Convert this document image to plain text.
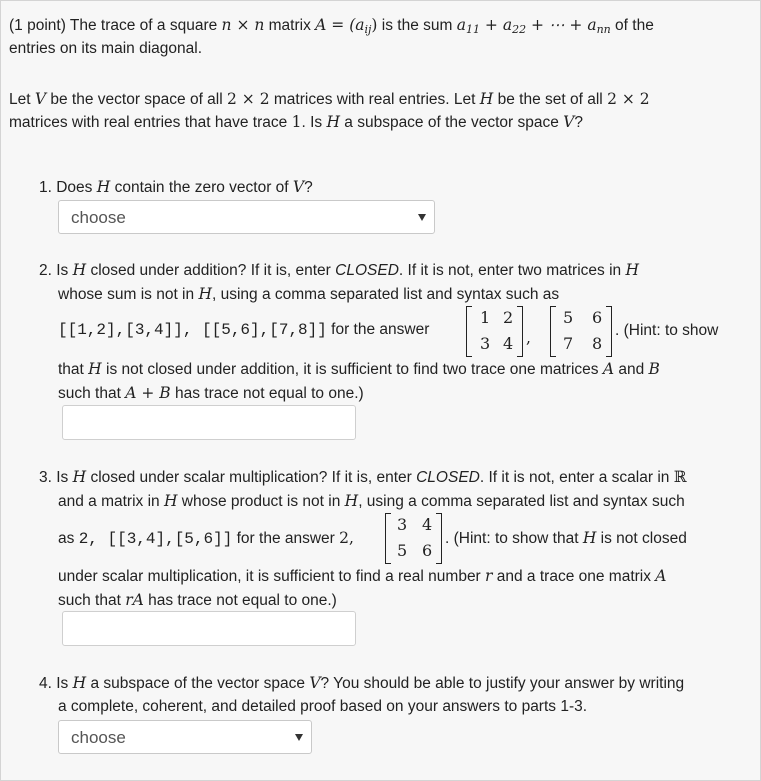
(1 point) The trace of a square n × n matrix $A = (a_{ij})$ is the sum $a_{11} + a_{22}$ + ⋯ + $a_{nn}$ of the
entries on its main diagonal.
Let V be the vector space of all 2 × 2 matrices with real entries. Let H be the set of all 2 × 2
matrices with real entries that have trace 1. Is H a subspace of the vector space V?
1. Does H contain the zero vector of V?
choose
2. Is H closed under addition? If it is, enter CLOSED. If it is not, enter two matrices in H
whose sum is not in H, using a comma separated list and syntax such as
[[1,2],[3,4]], [[5,6],[7,8]] for the answer
1 2
3 4 ,
5 6
7 8
. (Hint: to show
that H is not closed under addition, it is sufficient to find two trace one matrices A and B
such that A + B has trace not equal to one.)
3. Is H closed under scalar multiplication? If it is, enter CLOSED. If it is not, enter a scalar in ℝ
and a matrix in H whose product is not in H, using a comma separated list and syntax such
as 2, [[3,4],[5,6]] for the answer 2,
3 4
5 6
. (Hint: to show that H is not closed
under scalar multiplication, it is sufficient to find a real number r and a trace one matrix A
such that rA has trace not equal to one.)
4. Is H a subspace of the vector space V? You should be able to justify your answer by writing
a complete, coherent, and detailed proof based on your answers to parts 1-3.
choose
